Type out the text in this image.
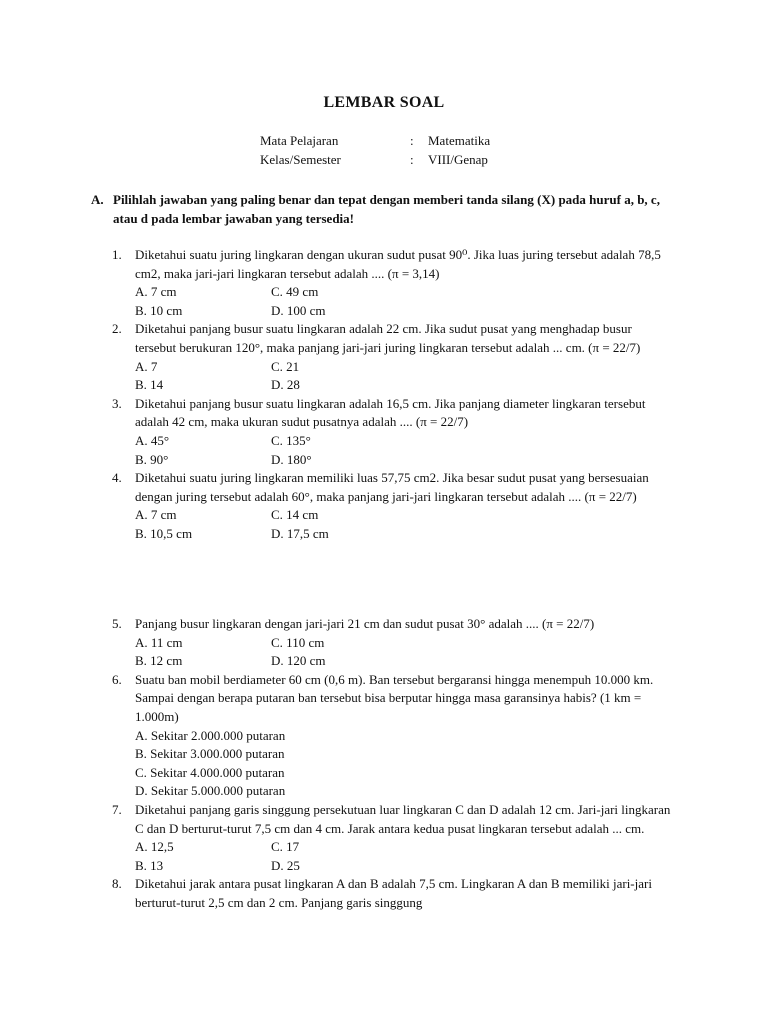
LEMBAR SOAL
Mata Pelajaran	: Matematika
Kelas/Semester	: VIII/Genap
A. Pilihlah jawaban yang paling benar dan tepat dengan memberi tanda silang (X) pada huruf a, b, c, atau d pada lembar jawaban yang tersedia!
1. Diketahui suatu juring lingkaran dengan ukuran sudut pusat 90⁰. Jika luas juring tersebut adalah 78,5 cm2, maka jari-jari lingkaran tersebut adalah .... (π = 3,14)
A. 7 cm	C. 49 cm
B. 10 cm	D. 100 cm
2. Diketahui panjang busur suatu lingkaran adalah 22 cm. Jika sudut pusat yang menghadap busur tersebut berukuran 120°, maka panjang jari-jari juring lingkaran tersebut adalah ... cm. (π = 22/7)
A. 7	C. 21
B. 14	D. 28
3. Diketahui panjang busur suatu lingkaran adalah 16,5 cm. Jika panjang diameter lingkaran tersebut adalah 42 cm, maka ukuran sudut pusatnya adalah .... (π = 22/7)
A. 45°	C. 135°
B. 90°	D. 180°
4. Diketahui suatu juring lingkaran memiliki luas 57,75 cm2. Jika besar sudut pusat yang bersesuaian dengan juring tersebut adalah 60°, maka panjang jari-jari lingkaran tersebut adalah .... (π = 22/7)
A. 7 cm	C. 14 cm
B. 10,5 cm	D. 17,5 cm
5. Panjang busur lingkaran dengan jari-jari 21 cm dan sudut pusat 30° adalah .... (π = 22/7)
A. 11 cm	C. 110 cm
B. 12 cm	D. 120 cm
6. Suatu ban mobil berdiameter 60 cm (0,6 m). Ban tersebut bergaransi hingga menempuh 10.000 km. Sampai dengan berapa putaran ban tersebut bisa berputar hingga masa garansinya habis? (1 km = 1.000m)
A. Sekitar 2.000.000 putaran
B. Sekitar 3.000.000 putaran
C. Sekitar 4.000.000 putaran
D. Sekitar 5.000.000 putaran
7. Diketahui panjang garis singgung persekutuan luar lingkaran C dan D adalah 12 cm. Jari-jari lingkaran C dan D berturut-turut 7,5 cm dan 4 cm. Jarak antara kedua pusat lingkaran tersebut adalah ... cm.
A. 12,5	C. 17
B. 13	D. 25
8. Diketahui jarak antara pusat lingkaran A dan B adalah 7,5 cm. Lingkaran A dan B memiliki jari-jari berturut-turut 2,5 cm dan 2 cm. Panjang garis singgung
